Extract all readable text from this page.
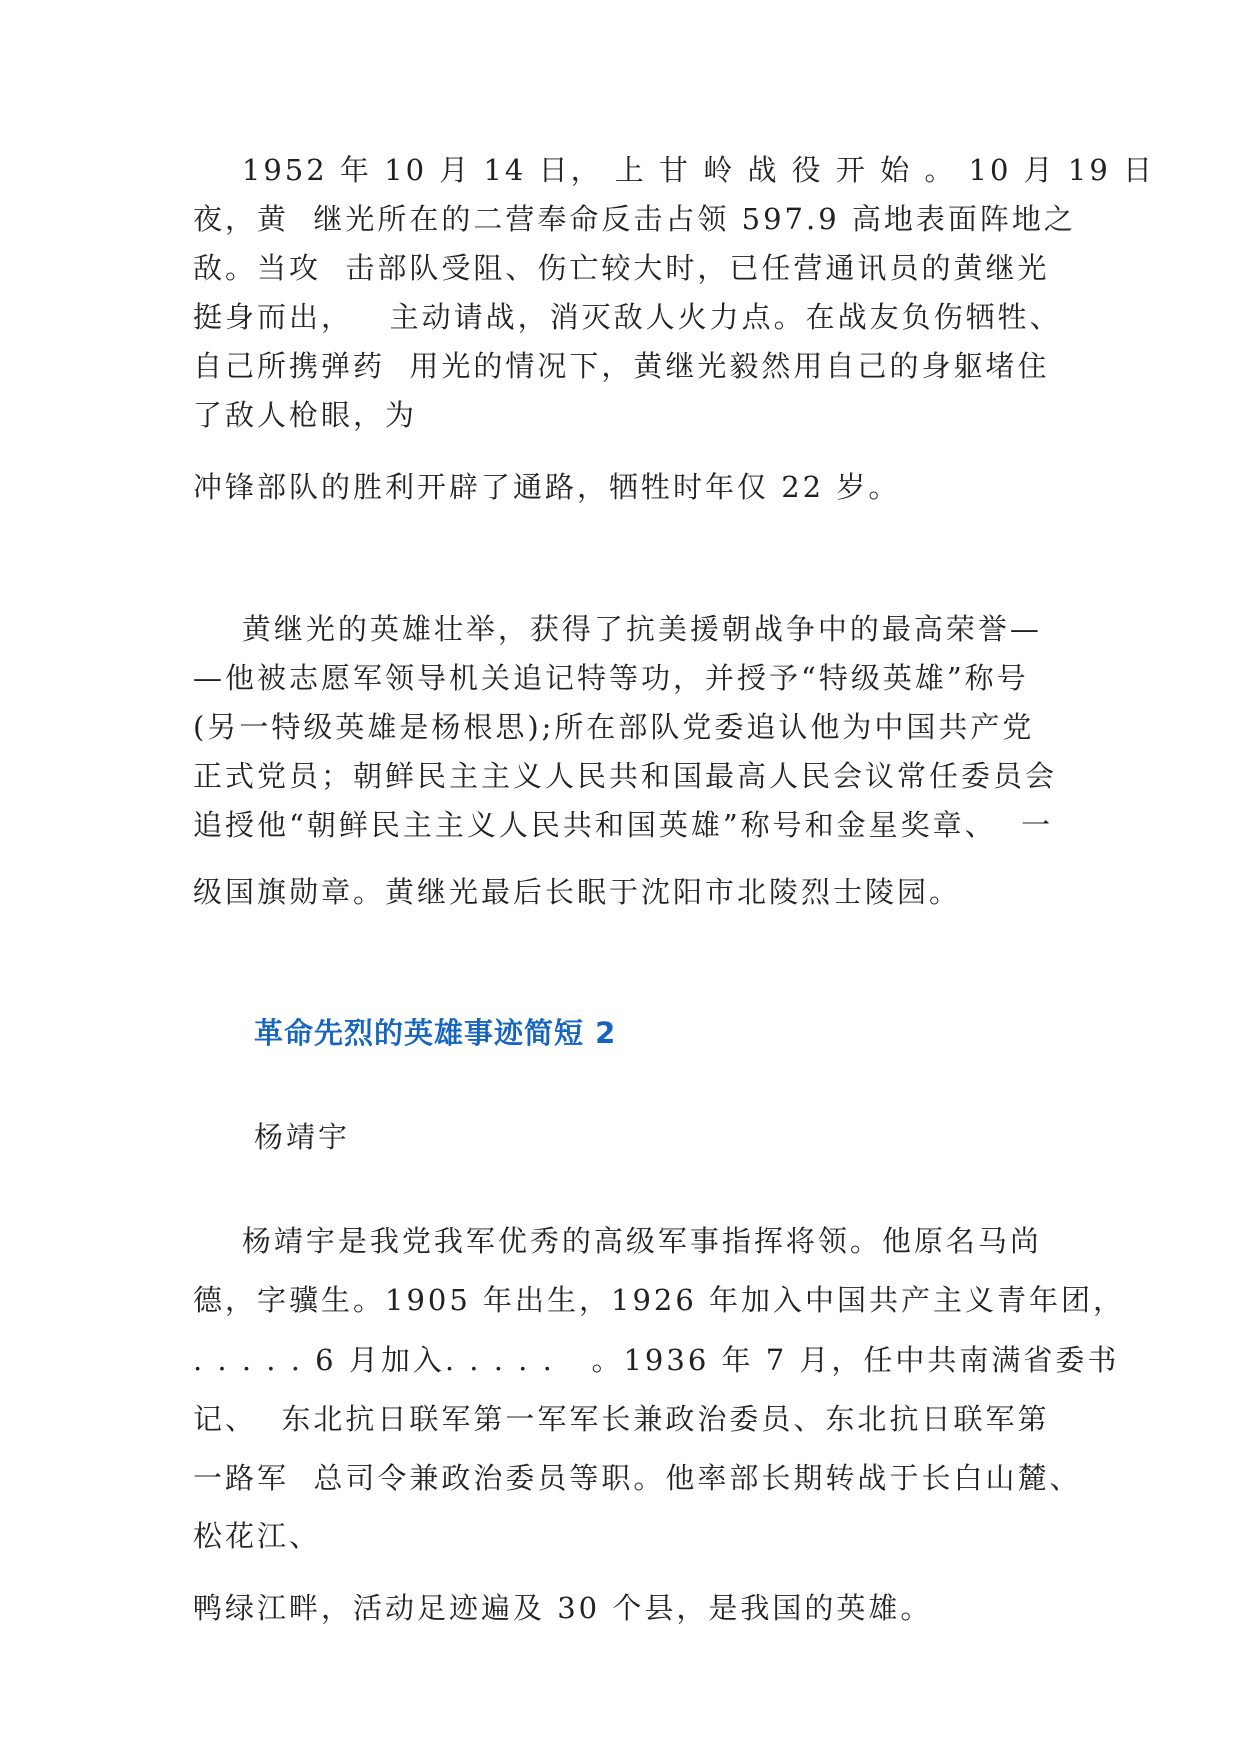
1952 年 10 月 14 日， 上 甘 岭 战 役 开 始 。 10 月 19 日
夜，黄  继光所在的二营奉命反击占领 597.9 高地表面阵地之
敌。当攻  击部队受阻、伤亡较大时，已任营通讯员的黄继光
挺身而出，   主动请战，消灭敌人火力点。在战友负伤牺牲、
自己所携弹药  用光的情况下，黄继光毅然用自己的身躯堵住
了敌人枪眼，为
冲锋部队的胜利开辟了通路，牺牲时年仅 22 岁。
黄继光的英雄壮举，获得了抗美援朝战争中的最高荣誉—
—他被志愿军领导机关追记特等功，并授予“特级英雄”称号
(另一特级英雄是杨根思);所在部队党委追认他为中国共产党
正式党员；朝鲜民主主义人民共和国最高人民会议常任委员会
追授他“朝鲜民主主义人民共和国英雄”称号和金星奖章、  一
级国旗勋章。黄继光最后长眠于沈阳市北陵烈士陵园。
革命先烈的英雄事迹简短 2
杨靖宇
杨靖宇是我党我军优秀的高级军事指挥将领。他原名马尚
德，字骥生。1905 年出生，1926 年加入中国共产主义青年团，
. . . . . 6 月加入. . . . .   。1936 年 7 月，任中共南满省委书
记、  东北抗日联军第一军军长兼政治委员、东北抗日联军第
一路军  总司令兼政治委员等职。他率部长期转战于长白山麓、
松花江、
鸭绿江畔，活动足迹遍及 30 个县，是我国的英雄。
